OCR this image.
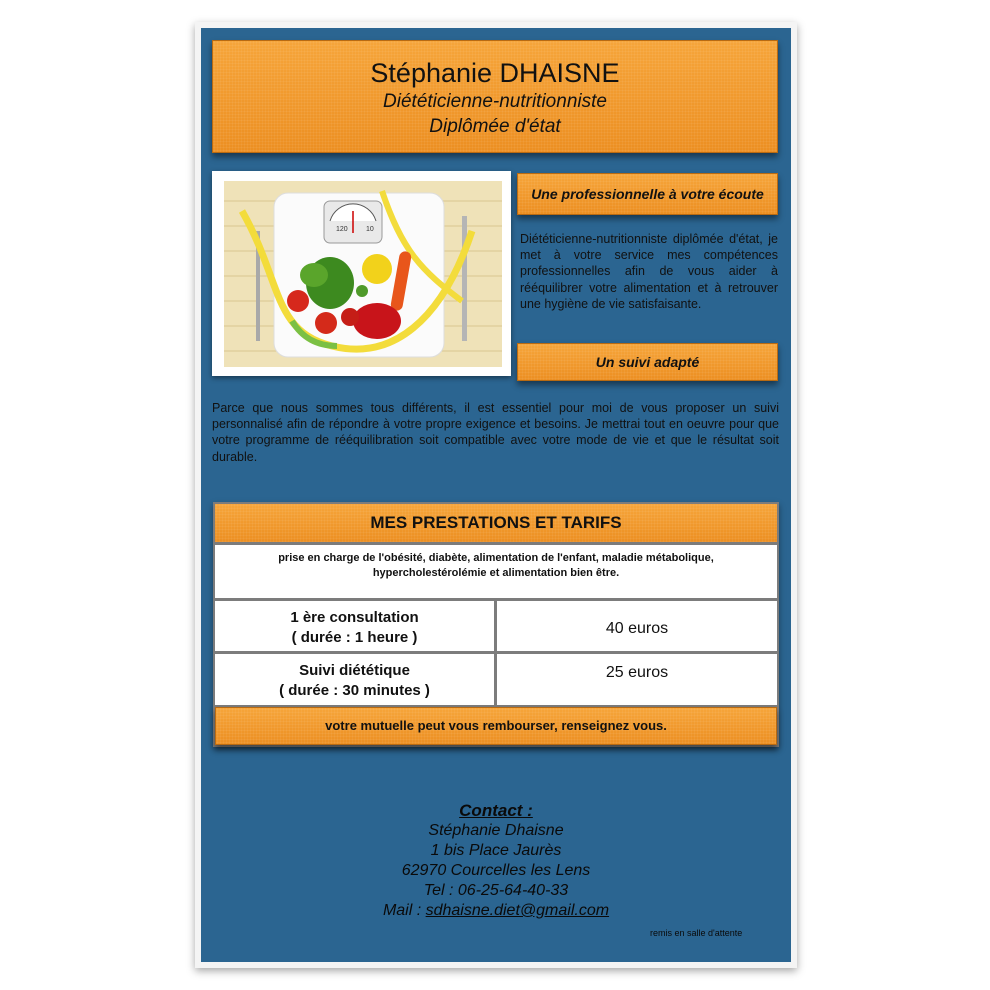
Stéphanie DHAISNE
Diététicienne-nutritionniste
Diplômée d'état
120	10
Une professionnelle à votre écoute
Diététicienne-nutritionniste diplômée d'état, je met à votre service mes compétences professionnelles afin de vous aider à rééquilibrer votre alimentation et à retrouver une hygiène de vie satisfaisante.
Un suivi adapté
Parce que nous sommes tous différents, il est essentiel pour moi de vous proposer un suivi personnalisé afin de répondre à votre propre exigence et besoins. Je mettrai tout en oeuvre pour que votre programme de rééquilibration soit compatible avec votre mode de vie et que le résultat soit durable.
MES PRESTATIONS ET TARIFS
prise en charge de l'obésité, diabète, alimentation de l'enfant, maladie métabolique, hypercholestérolémie et alimentation bien être.
1 ère consultation
( durée : 1 heure )
40 euros
Suivi diététique
( durée : 30 minutes )
25 euros
votre mutuelle peut vous rembourser, renseignez vous.
Contact :
Stéphanie Dhaisne
1 bis Place Jaurès
62970 Courcelles les Lens
Tel : 06-25-64-40-33
Mail : sdhaisne.diet@gmail.com
remis en salle d'attente
